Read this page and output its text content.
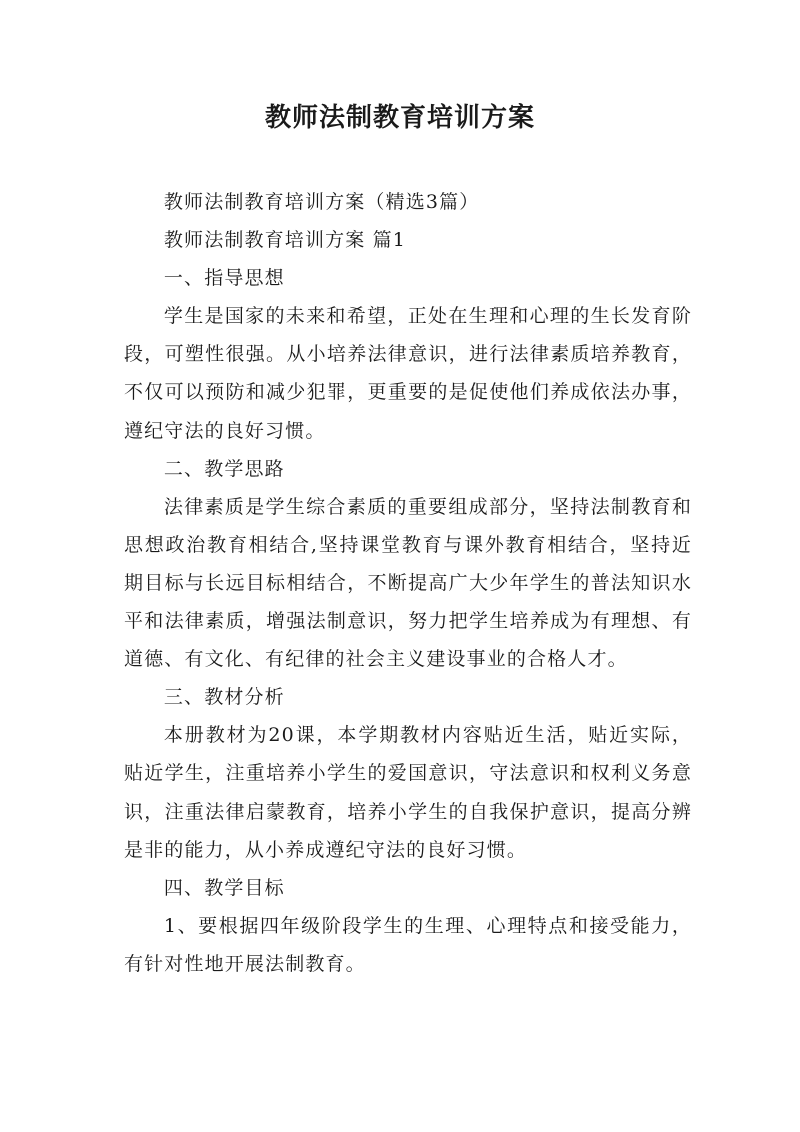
教师法制教育培训方案

教师法制教育培训方案（精选3篇）

教师法制教育培训方案 篇1

一、指导思想

学生是国家的未来和希望，正处在生理和心理的生长发育阶段，可塑性很强。从小培养法律意识，进行法律素质培养教育，不仅可以预防和减少犯罪，更重要的是促使他们养成依法办事，遵纪守法的良好习惯。

二、教学思路

法律素质是学生综合素质的重要组成部分，坚持法制教育和思想政治教育相结合,坚持课堂教育与课外教育相结合，坚持近期目标与长远目标相结合，不断提高广大少年学生的普法知识水平和法律素质，增强法制意识，努力把学生培养成为有理想、有道德、有文化、有纪律的社会主义建设事业的合格人才。

三、教材分析

本册教材为20课，本学期教材内容贴近生活，贴近实际，贴近学生，注重培养小学生的爱国意识，守法意识和权利义务意识，注重法律启蒙教育，培养小学生的自我保护意识，提高分辨是非的能力，从小养成遵纪守法的良好习惯。

四、教学目标

1、要根据四年级阶段学生的生理、心理特点和接受能力，有针对性地开展法制教育。
